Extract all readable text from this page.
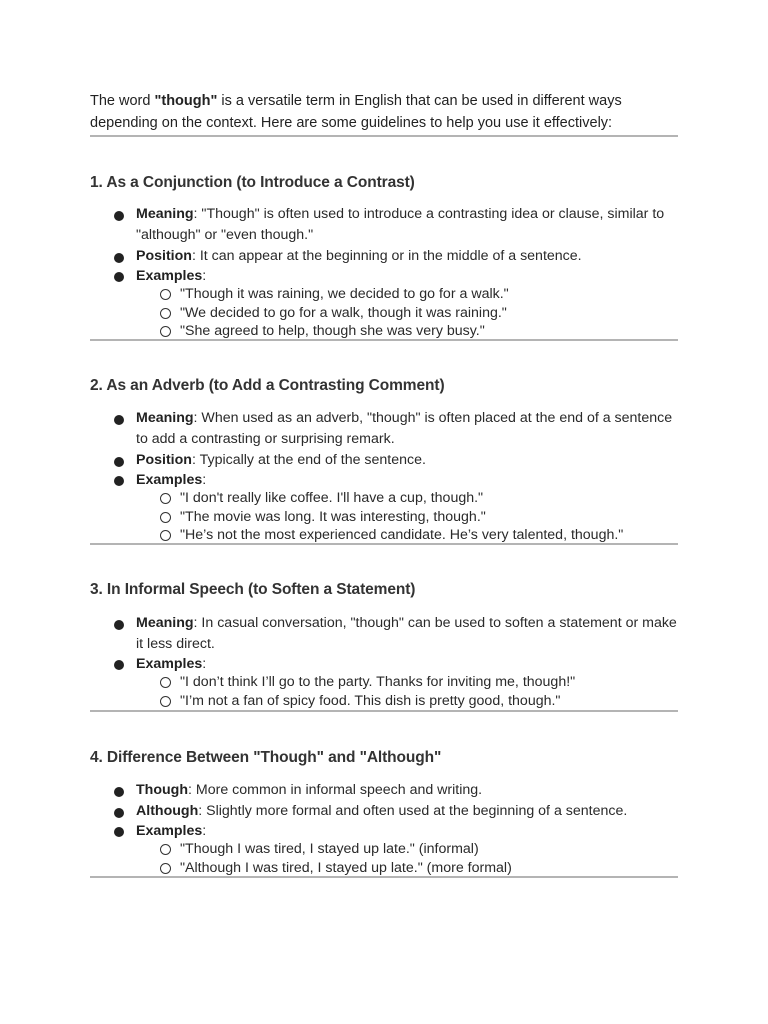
The word "though" is a versatile term in English that can be used in different ways depending on the context. Here are some guidelines to help you use it effectively:
1. As a Conjunction (to Introduce a Contrast)
Meaning: "Though" is often used to introduce a contrasting idea or clause, similar to "although" or "even though."
Position: It can appear at the beginning or in the middle of a sentence.
Examples:
"Though it was raining, we decided to go for a walk."
"We decided to go for a walk, though it was raining."
"She agreed to help, though she was very busy."
2. As an Adverb (to Add a Contrasting Comment)
Meaning: When used as an adverb, "though" is often placed at the end of a sentence to add a contrasting or surprising remark.
Position: Typically at the end of the sentence.
Examples:
"I don't really like coffee. I'll have a cup, though."
"The movie was long. It was interesting, though."
"He’s not the most experienced candidate. He’s very talented, though."
3. In Informal Speech (to Soften a Statement)
Meaning: In casual conversation, "though" can be used to soften a statement or make it less direct.
Examples:
"I don’t think I’ll go to the party. Thanks for inviting me, though!"
"I’m not a fan of spicy food. This dish is pretty good, though."
4. Difference Between "Though" and "Although"
Though: More common in informal speech and writing.
Although: Slightly more formal and often used at the beginning of a sentence.
Examples:
"Though I was tired, I stayed up late." (informal)
"Although I was tired, I stayed up late." (more formal)
